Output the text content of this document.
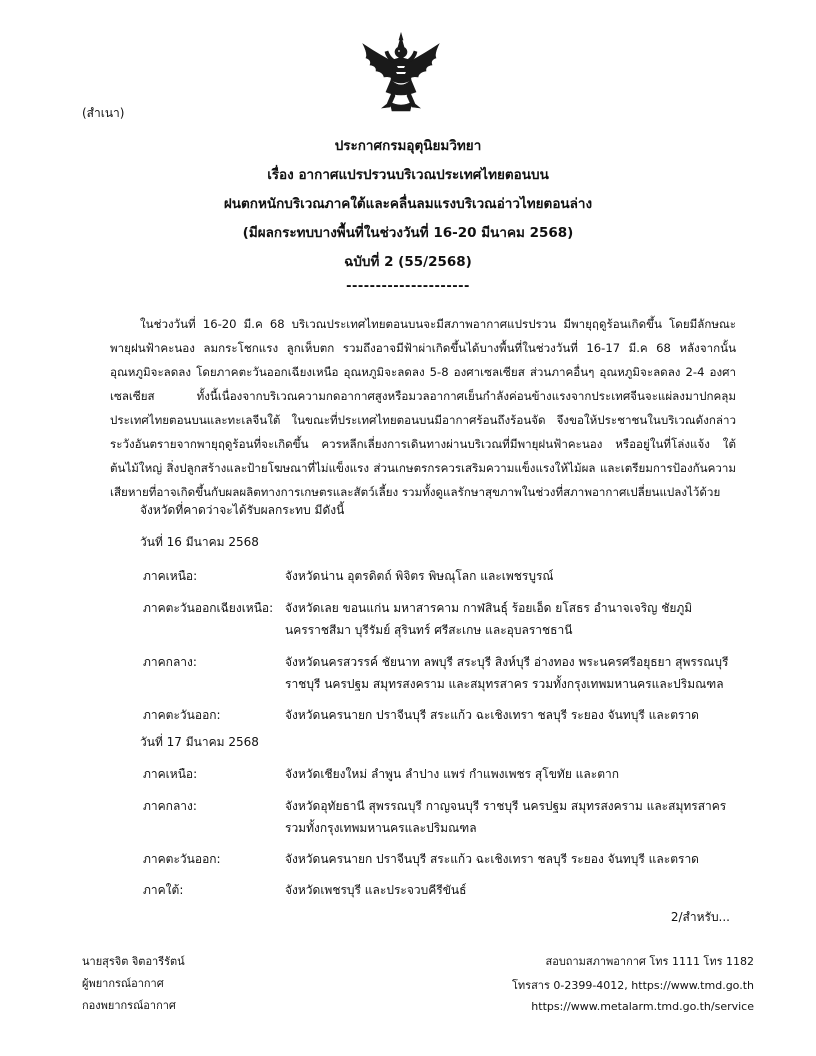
(สำเนา)
ประกาศกรมอุตุนิยมวิทยา
เรื่อง อากาศแปรปรวนบริเวณประเทศไทยตอนบน
ฝนตกหนักบริเวณภาคใต้และคลื่นลมแรงบริเวณอ่าวไทยตอนล่าง
(มีผลกระทบบางพื้นที่ในช่วงวันที่ 16-20 มีนาคม 2568)
ฉบับที่ 2 (55/2568)
---------------------
ในช่วงวันที่ 16-20 มี.ค 68 บริเวณประเทศไทยตอนบนจะมีสภาพอากาศแปรปรวน มีพายุฤดูร้อนเกิดขึ้น โดยมีลักษณะพายุฝนฟ้าคะนอง ลมกระโชกแรง ลูกเห็บตก รวมถึงอาจมีฟ้าผ่าเกิดขึ้นได้บางพื้นที่ในช่วงวันที่ 16-17 มี.ค 68 หลังจากนั้นอุณหภูมิจะลดลง โดยภาคตะวันออกเฉียงเหนือ อุณหภูมิจะลดลง 5-8 องศาเซลเซียส ส่วนภาคอื่นๆ อุณหภูมิจะลดลง 2-4 องศาเซลเซียส ทั้งนี้เนื่องจากบริเวณความกดอากาศสูงหรือมวลอากาศเย็นกำลังค่อนข้างแรงจากประเทศจีนจะแผ่ลงมาปกคลุมประเทศไทยตอนบนและทะเลจีนใต้ ในขณะที่ประเทศไทยตอนบนมีอากาศร้อนถึงร้อนจัด จึงขอให้ประชาชนในบริเวณดังกล่าวระวังอันตรายจากพายุฤดูร้อนที่จะเกิดขึ้น ควรหลีกเลี่ยงการเดินทางผ่านบริเวณที่มีพายุฝนฟ้าคะนอง หรืออยู่ในที่โล่งแจ้ง ใต้ต้นไม้ใหญ่ สิ่งปลูกสร้างและป้ายโฆษณาที่ไม่แข็งแรง ส่วนเกษตรกรควรเสริมความแข็งแรงให้ไม้ผล และเตรียมการป้องกันความเสียหายที่อาจเกิดขึ้นกับผลผลิตทางการเกษตรและสัตว์เลี้ยง รวมทั้งดูแลรักษาสุขภาพในช่วงที่สภาพอากาศเปลี่ยนแปลงไว้ด้วย
จังหวัดที่คาดว่าจะได้รับผลกระทบ มีดังนี้
วันที่ 16 มีนาคม 2568
ภาคเหนือ:	จังหวัดน่าน อุตรดิตถ์ พิจิตร พิษณุโลก และเพชรบูรณ์
ภาคตะวันออกเฉียงเหนือ: จังหวัดเลย ขอนแก่น มหาสารคาม กาฬสินธุ์ ร้อยเอ็ด ยโสธร อำนาจเจริญ ชัยภูมิ นครราชสีมา บุรีรัมย์ สุรินทร์ ศรีสะเกษ และอุบลราชธานี
ภาคกลาง:	จังหวัดนครสวรรค์ ชัยนาท ลพบุรี สระบุรี สิงห์บุรี อ่างทอง พระนครศรีอยุธยา สุพรรณบุรี ราชบุรี นครปฐม สมุทรสงคราม และสมุทรสาคร รวมทั้งกรุงเทพมหานครและปริมณฑล
ภาคตะวันออก:	จังหวัดนครนายก ปราจีนบุรี สระแก้ว ฉะเชิงเทรา ชลบุรี ระยอง จันทบุรี และตราด
วันที่ 17 มีนาคม 2568
ภาคเหนือ:	จังหวัดเชียงใหม่ ลำพูน ลำปาง แพร่ กำแพงเพชร สุโขทัย และตาก
ภาคกลาง:	จังหวัดอุทัยธานี สุพรรณบุรี กาญจนบุรี ราชบุรี นครปฐม สมุทรสงคราม และสมุทรสาคร รวมทั้งกรุงเทพมหานครและปริมณฑล
ภาคตะวันออก:	จังหวัดนครนายก ปราจีนบุรี สระแก้ว ฉะเชิงเทรา ชลบุรี ระยอง จันทบุรี และตราด
ภาคใต้:	จังหวัดเพชรบุรี และประจวบคีรีขันธ์
2/สำหรับ...
นายสุรจิต จิตอารีรัตน์
ผู้พยากรณ์อากาศ
กองพยากรณ์อากาศ
สอบถามสภาพอากาศ โทร 1111 โทร 1182
โทรสาร 0-2399-4012, https://www.tmd.go.th
https://www.metalarm.tmd.go.th/service
